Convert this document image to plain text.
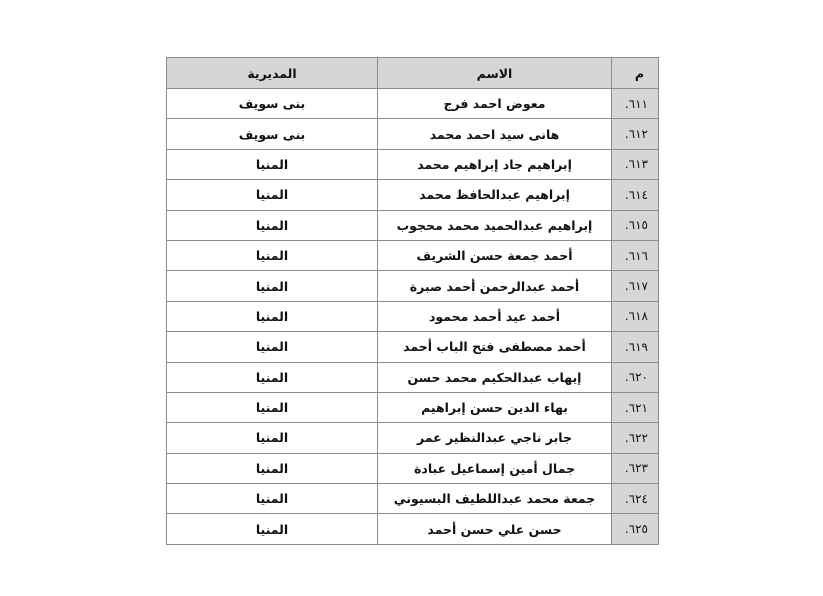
م	الاسم	المديرية
٦١١.	معوض احمد فرج	بنى سويف
٦١٢.	هانى سيد احمد محمد	بنى سويف
٦١٣.	إبراهيم جاد إبراهيم محمد	المنيا
٦١٤.	إبراهيم عبدالحافظ محمد	المنيا
٦١٥.	إبراهيم عبدالحميد محمد محجوب	المنيا
٦١٦.	أحمد جمعة حسن الشريف	المنيا
٦١٧.	أحمد عبدالرحمن أحمد صبرة	المنيا
٦١٨.	أحمد عيد أحمد محمود	المنيا
٦١٩.	أحمد مصطفى فتح الباب أحمد	المنيا
٦٢٠.	إيهاب عبدالحكيم محمد حسن	المنيا
٦٢١.	بهاء الدين حسن إبراهيم	المنيا
٦٢٢.	جابر ناجي عبدالنظير عمر	المنيا
٦٢٣.	جمال أمين إسماعيل عبادة	المنيا
٦٢٤.	جمعة محمد عبداللطيف البسيوني	المنيا
٦٢٥.	حسن علي حسن أحمد	المنيا
